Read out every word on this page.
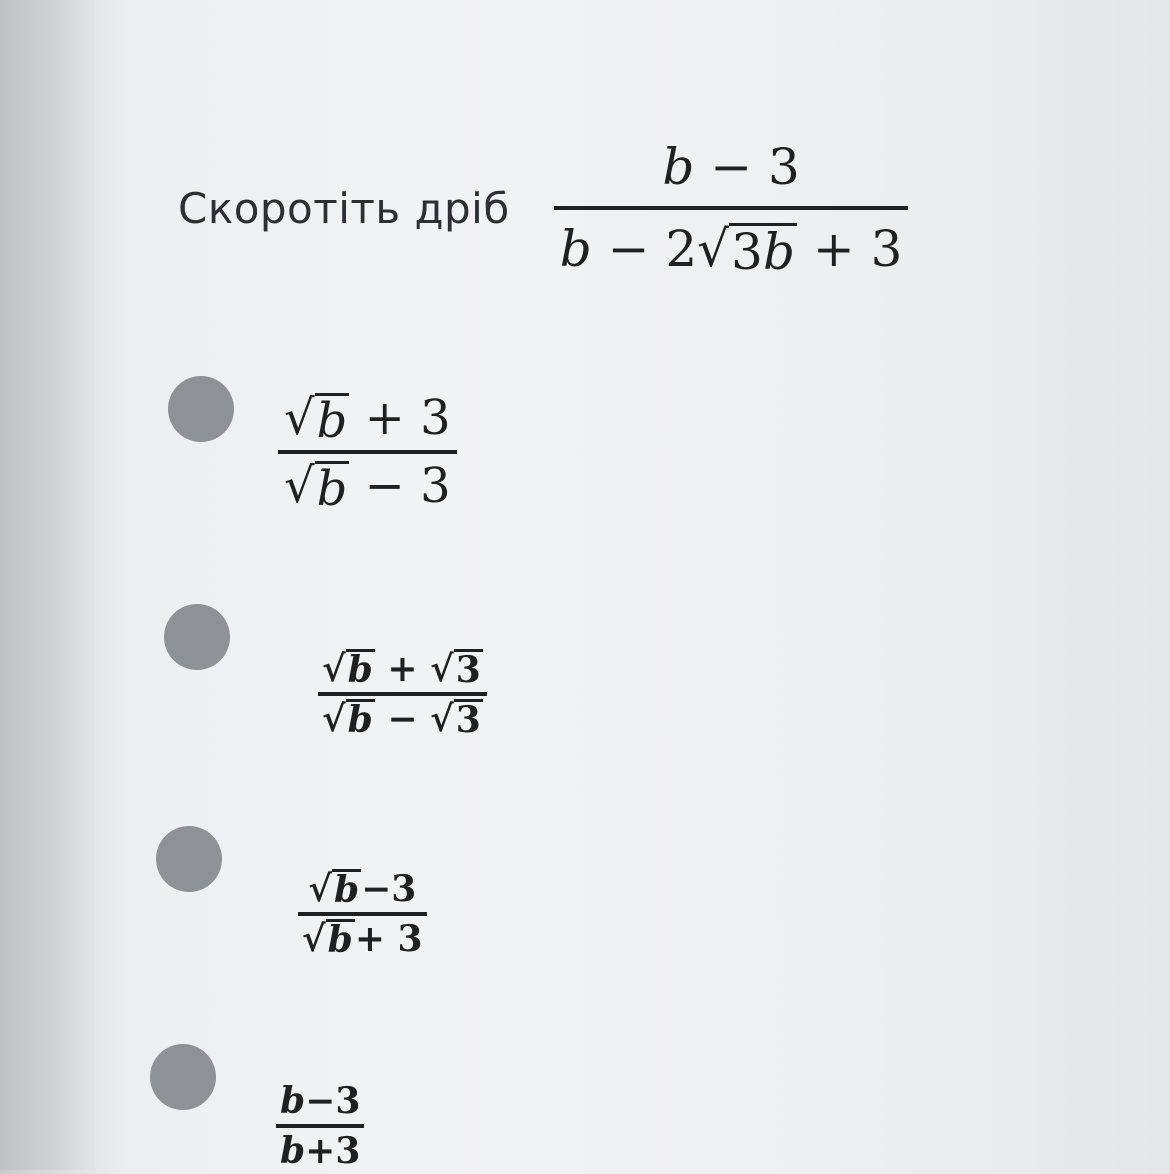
Скоротіть дріб $\frac{b - 3}{b - 2 √ 3b + 3}$
√ b + 3
√ b − 3
√ b + √ 3
√ b − √ 3
√ b −3
√ b + 3
b−3
b+3
